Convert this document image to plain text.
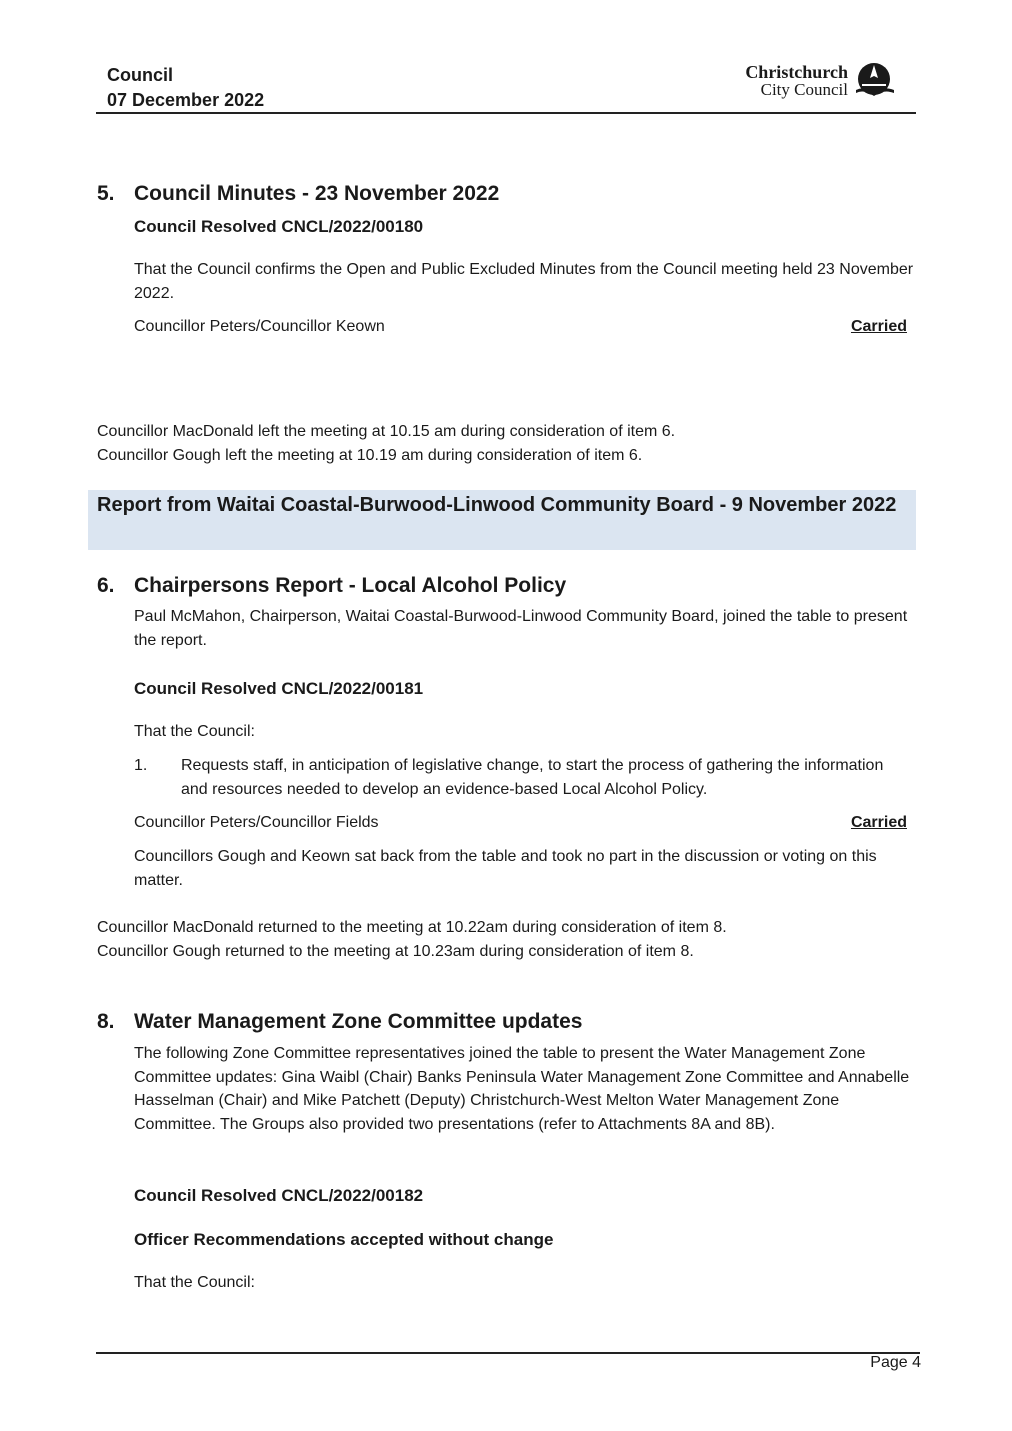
Council
07 December 2022
Christchurch
City Council
5. Council Minutes - 23 November 2022
Council Resolved CNCL/2022/00180
That the Council confirms the Open and Public Excluded Minutes from the Council meeting held 23 November 2022.
Councillor Peters/Councillor Keown	Carried
Councillor MacDonald left the meeting at 10.15 am during consideration of item 6.
Councillor Gough left the meeting at 10.19 am during consideration of item 6.
Report from Waitai Coastal-Burwood-Linwood Community Board - 9 November 2022
6. Chairpersons Report - Local Alcohol Policy
Paul McMahon, Chairperson, Waitai Coastal-Burwood-Linwood Community Board, joined the table to present the report.
Council Resolved CNCL/2022/00181
That the Council:
1. Requests staff, in anticipation of legislative change, to start the process of gathering the information and resources needed to develop an evidence-based Local Alcohol Policy.
Councillor Peters/Councillor Fields	Carried
Councillors Gough and Keown sat back from the table and took no part in the discussion or voting on this matter.
Councillor MacDonald returned to the meeting at 10.22am during consideration of item 8.
Councillor Gough returned to the meeting at 10.23am during consideration of item 8.
8. Water Management Zone Committee updates
The following Zone Committee representatives joined the table to present the Water Management Zone Committee updates: Gina Waibl (Chair) Banks Peninsula Water Management Zone Committee and Annabelle Hasselman (Chair) and Mike Patchett (Deputy) Christchurch-West Melton Water Management Zone Committee. The Groups also provided two presentations (refer to Attachments 8A and 8B).
Council Resolved CNCL/2022/00182
Officer Recommendations accepted without change
That the Council:
Page 4
